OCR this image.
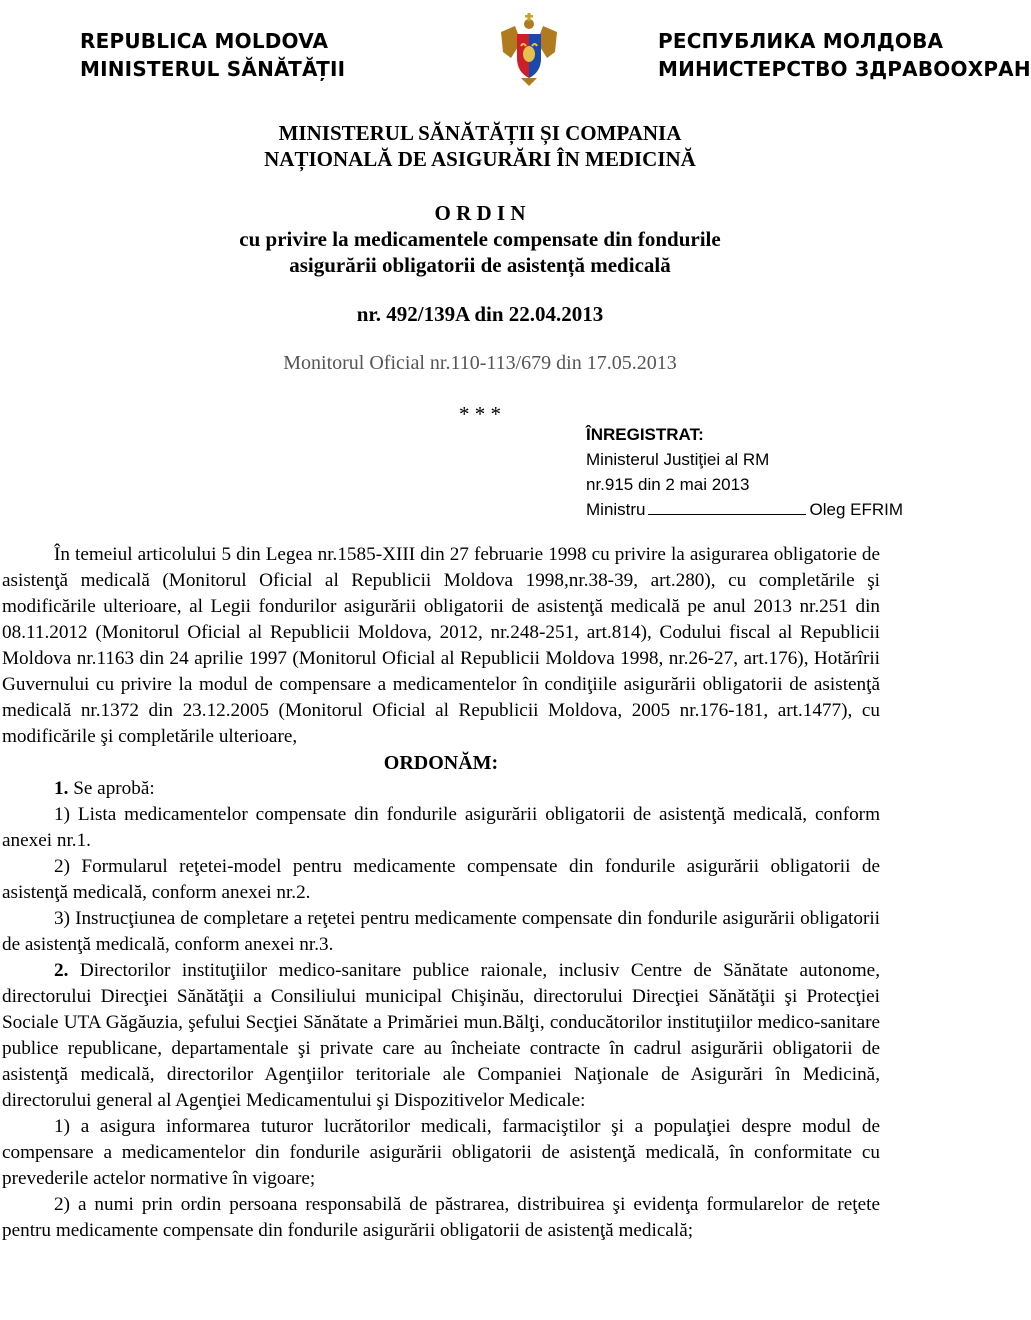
REPUBLICA MOLDOVA
MINISTERUL SĂNĂTĂȚII
РЕСПУБЛИКА МОЛДОВА
МИНИСТЕРСТВО ЗДРАВООХРАН
MINISTERUL SĂNĂTĂȚII ȘI COMPANIA
NAȚIONALĂ DE ASIGURĂRI ÎN MEDICINĂ
O R D I N
cu privire la medicamentele compensate din fondurile
asigurării obligatorii de asistență medicală
nr. 492/139A din 22.04.2013
Monitorul Oficial nr.110-113/679 din 17.05.2013
* * *
ÎNREGISTRAT:
Ministerul Justiţiei al RM
nr.915 din 2 mai 2013
Ministru	Oleg EFRIM

În temeiul articolului 5 din Legea nr.1585-XIII din 27 februarie 1998 cu privire la asigurarea obligatorie de asistenţă medicală (Monitorul Oficial al Republicii Moldova 1998,nr.38-39, art.280), cu completările şi modificările ulterioare, al Legii fondurilor asigurării obligatorii de asistenţă medicală pe anul 2013 nr.251 din 08.11.2012 (Monitorul Oficial al Republicii Moldova, 2012, nr.248-251, art.814), Codului fiscal al Republicii Moldova nr.1163 din 24 aprilie 1997 (Monitorul Oficial al Republicii Moldova 1998, nr.26-27, art.176), Hotărîrii Guvernului cu privire la modul de compensare a medicamentelor în condiţiile asigurării obligatorii de asistenţă medicală nr.1372 din 23.12.2005 (Monitorul Oficial al Republicii Moldova, 2005 nr.176-181, art.1477), cu modificările şi completările ulterioare,

ORDONĂM:

1. Se aprobă:

1) Lista medicamentelor compensate din fondurile asigurării obligatorii de asistenţă medicală, conform anexei nr.1.

2) Formularul reţetei-model pentru medicamente compensate din fondurile asigurării obligatorii de asistenţă medicală, conform anexei nr.2.

3) Instrucţiunea de completare a reţetei pentru medicamente compensate din fondurile asigurării obligatorii de asistenţă medicală, conform anexei nr.3.

2. Directorilor instituţiilor medico-sanitare publice raionale, inclusiv Centre de Sănătate autonome, directorului Direcţiei Sănătăţii a Consiliului municipal Chişinău, directorului Direcţiei Sănătăţii şi Protecţiei Sociale UTA Găgăuzia, şefului Secţiei Sănătate a Primăriei mun.Bălţi, conducătorilor instituţiilor medico-sanitare publice republicane, departamentale şi private care au încheiate contracte în cadrul asigurării obligatorii de asistenţă medicală, directorilor Agenţiilor teritoriale ale Companiei Naţionale de Asigurări în Medicină, directorului general al Agenţiei Medicamentului şi Dispozitivelor Medicale:

1) a asigura informarea tuturor lucrătorilor medicali, farmaciştilor şi a populaţiei despre modul de compensare a medicamentelor din fondurile asigurării obligatorii de asistenţă medicală, în conformitate cu prevederile actelor normative în vigoare;

2) a numi prin ordin persoana responsabilă de păstrarea, distribuirea şi evidenţa formularelor de reţete pentru medicamente compensate din fondurile asigurării obligatorii de asistenţă medicală;
